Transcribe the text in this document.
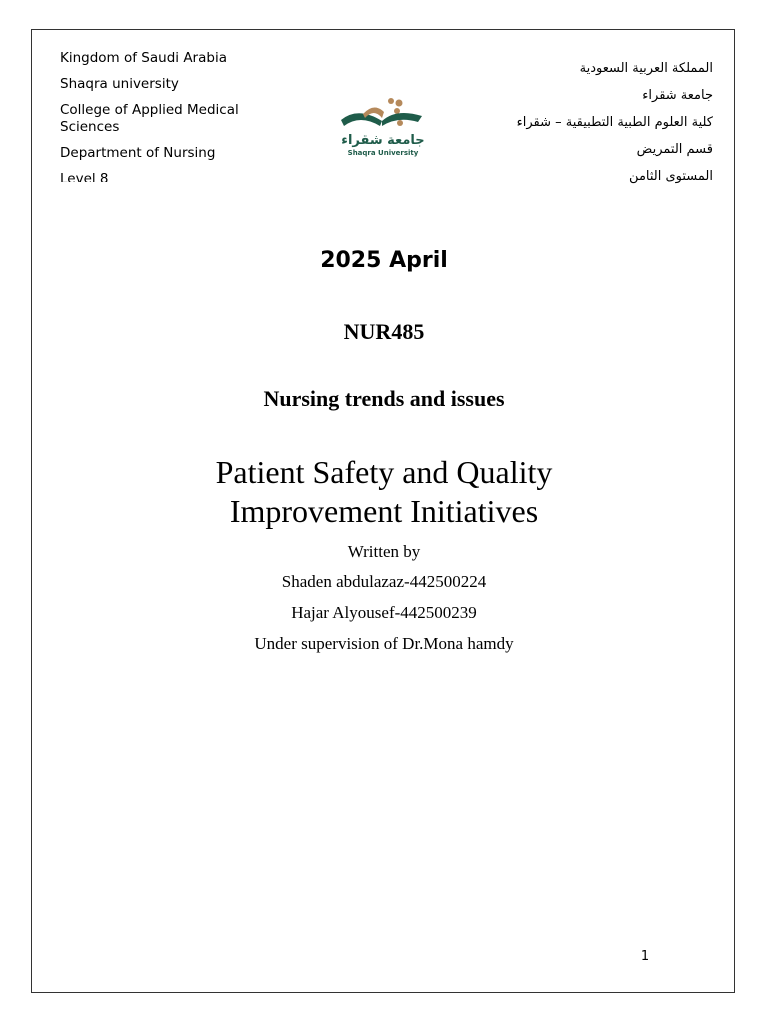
Kingdom of Saudi Arabia

Shaqra university

College of Applied Medical Sciences

Department of Nursing

Level 8

جامعة شقراء
Shaqra University

المملكة العربية السعودية

جامعة شقراء

كلية العلوم الطبية التطبيقية – شقراء

قسم التمريض

المستوى الثامن

2025 April
NUR485
Nursing trends and issues
Patient Safety and Quality
Improvement Initiatives
Written by
Shaden abdulazaz-442500224
Hajar Alyousef-442500239
Under supervision of Dr.Mona hamdy
1
